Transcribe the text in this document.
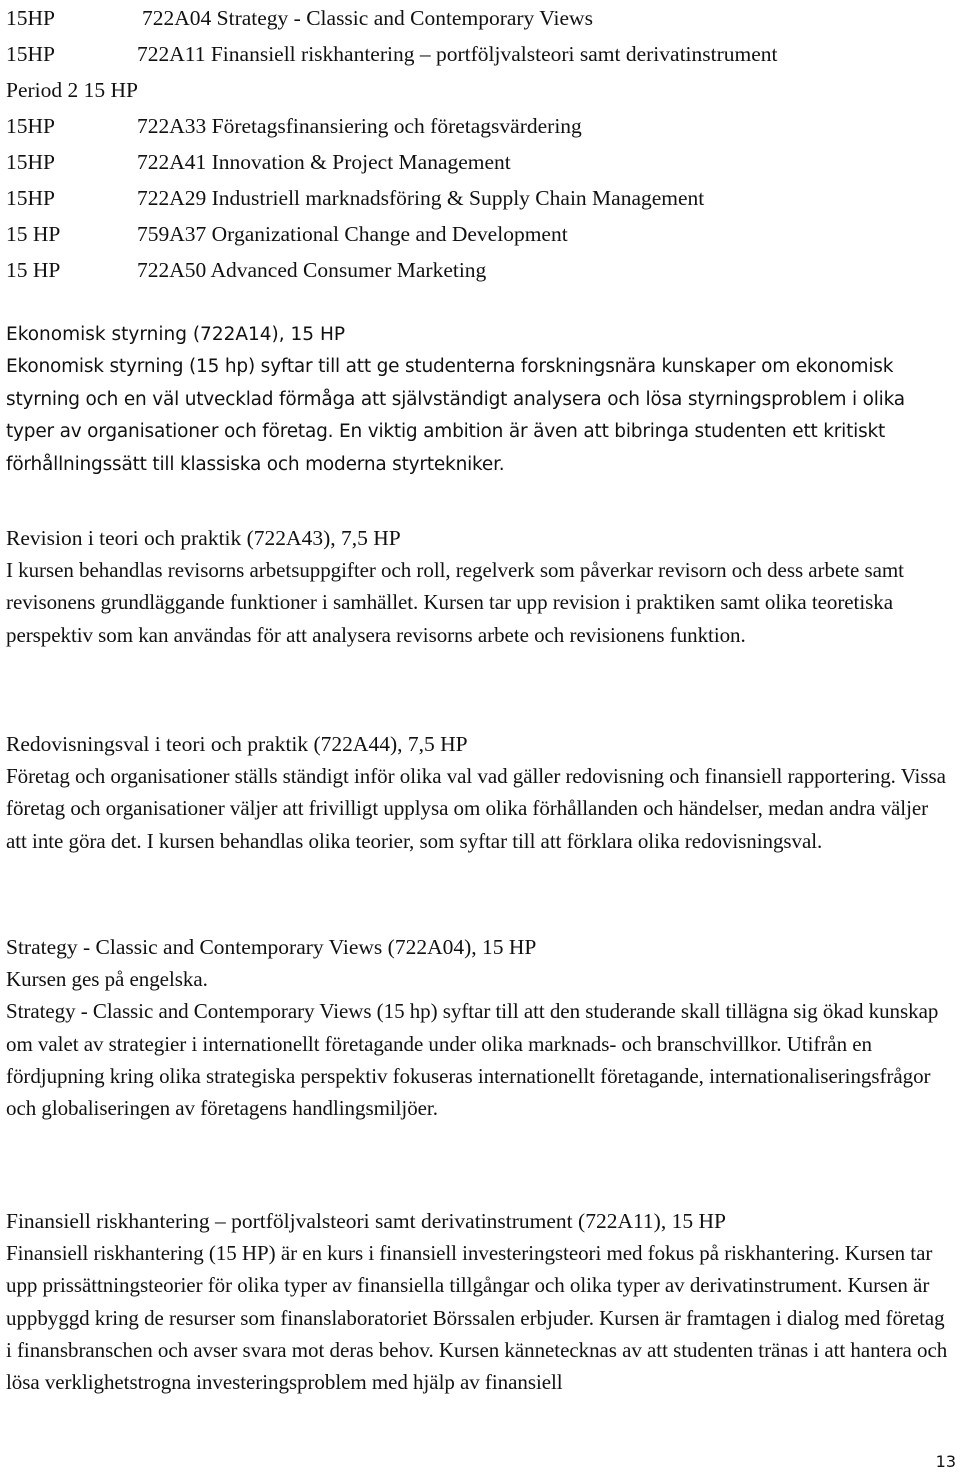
15HP	722A04 Strategy - Classic and Contemporary Views
15HP	722A11 Finansiell riskhantering – portföljvalsteori samt derivatinstrument
Period 2 15 HP
15HP	722A33 Företagsfinansiering och företagsvärdering
15HP	722A41 Innovation & Project Management
15HP	722A29 Industriell marknadsföring & Supply Chain Management
15 HP	759A37 Organizational Change and Development
15 HP	722A50 Advanced Consumer Marketing
Ekonomisk styrning (722A14), 15 HP

Ekonomisk styrning (15 hp) syftar till att ge studenterna forskningsnära kunskaper om ekonomisk styrning och en väl utvecklad förmåga att självständigt analysera och lösa styrningsproblem i olika typer av organisationer och företag. En viktig ambition är även att bibringa studenten ett kritiskt förhållningssätt till klassiska och moderna styrtekniker.

Revision i teori och praktik (722A43), 7,5 HP

I kursen behandlas revisorns arbetsuppgifter och roll, regelverk som påverkar revisorn och dess arbete samt revisonens grundläggande funktioner i samhället. Kursen tar upp revision i praktiken samt olika teoretiska perspektiv som kan användas för att analysera revisorns arbete och revisionens funktion.

Redovisningsval i teori och praktik (722A44), 7,5 HP

Företag och organisationer ställs ständigt inför olika val vad gäller redovisning och finansiell rapportering. Vissa företag och organisationer väljer att frivilligt upplysa om olika förhållanden och händelser, medan andra väljer att inte göra det. I kursen behandlas olika teorier, som syftar till att förklara olika redovisningsval.

Strategy - Classic and Contemporary Views (722A04), 15 HP

Kursen ges på engelska.

Strategy - Classic and Contemporary Views (15 hp) syftar till att den studerande skall tillägna sig ökad kunskap om valet av strategier i internationellt företagande under olika marknads- och branschvillkor. Utifrån en fördjupning kring olika strategiska perspektiv fokuseras internationellt företagande, internationaliseringsfrågor och globaliseringen av företagens handlingsmiljöer.

Finansiell riskhantering – portföljvalsteori samt derivatinstrument (722A11), 15 HP

Finansiell riskhantering (15 HP) är en kurs i finansiell investeringsteori med fokus på riskhantering. Kursen tar upp prissättningsteorier för olika typer av finansiella tillgångar och olika typer av derivatinstrument. Kursen är uppbyggd kring de resurser som finanslaboratoriet Börssalen erbjuder. Kursen är framtagen i dialog med företag i finansbranschen och avser svara mot deras behov. Kursen kännetecknas av att studenten tränas i att hantera och lösa verklighetstrogna investeringsproblem med hjälp av finansiell

13
